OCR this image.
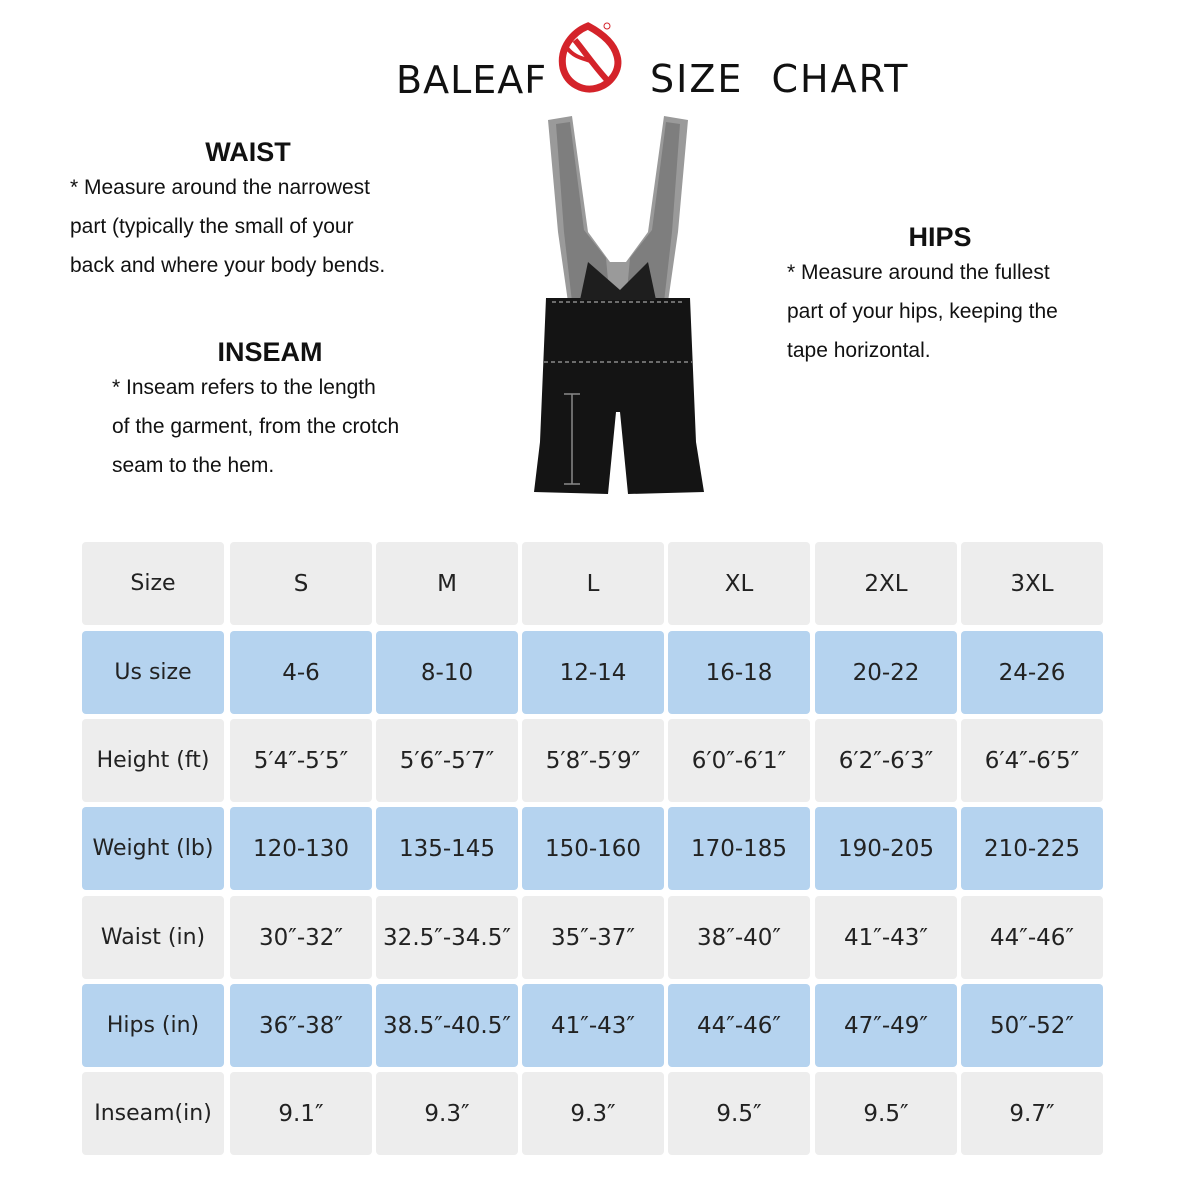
BALEAF	SIZE  CHART
WAIST

* Measure around the narrowest

part (typically the small of your

back and where your body bends.

INSEAM

* Inseam refers to the length

of the garment, from the crotch

seam to the hem.

HIPS

* Measure around the fullest

part of your hips, keeping the

tape horizontal.

Size	S	M	L	XL	2XL	3XL
Us size	4-6	8-10	12-14	16-18	20-22	24-26
Height (ft)	5′4″-5′5″	5′6″-5′7″	5′8″-5′9″	6′0″-6′1″	6′2″-6′3″	6′4″-6′5″
Weight (lb)	120-130	135-145	150-160	170-185	190-205	210-225
Waist (in)	30″-32″	32.5″-34.5″	35″-37″	38″-40″	41″-43″	44″-46″
Hips (in)	36″-38″	38.5″-40.5″	41″-43″	44″-46″	47″-49″	50″-52″
Inseam(in)	9.1″	9.3″	9.3″	9.5″	9.5″	9.7″
